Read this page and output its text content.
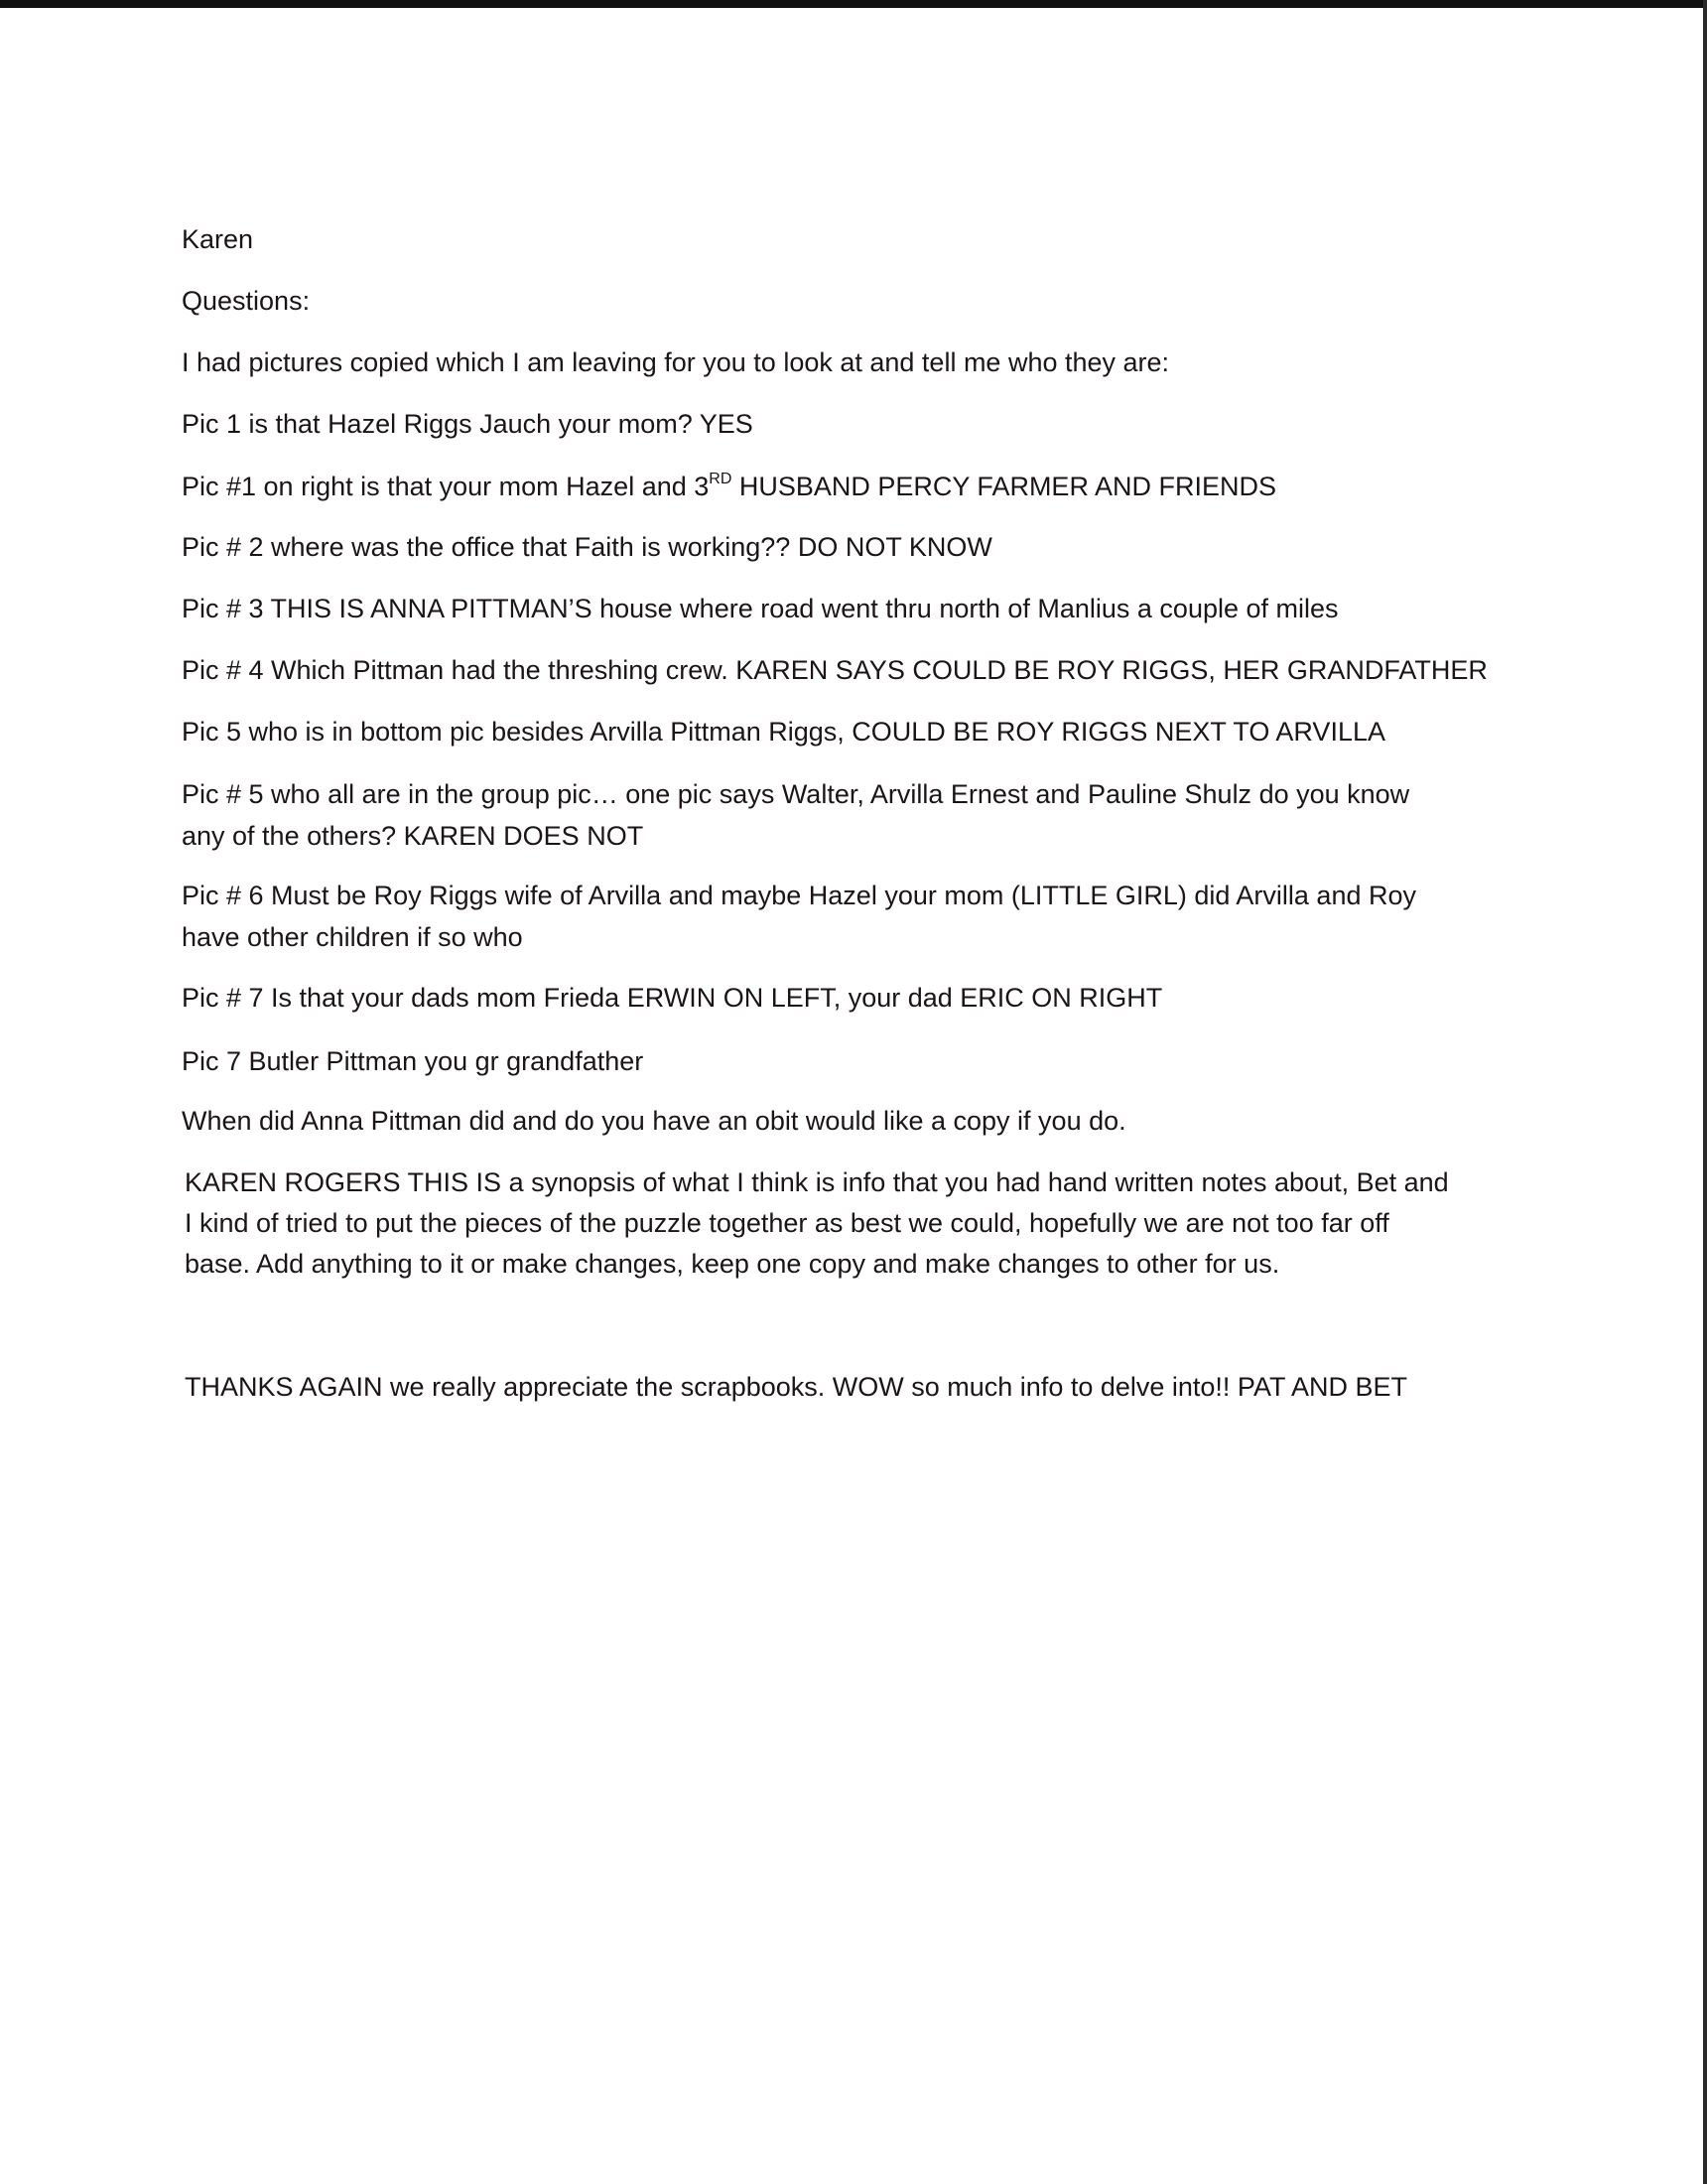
Karen
Questions:
I had pictures copied which I am leaving for you to look at and tell me who they are:
Pic 1 is that Hazel Riggs Jauch your mom? YES
Pic #1 on right is that your mom Hazel and 3RD HUSBAND PERCY FARMER AND FRIENDS
Pic # 2 where was the office that Faith is working?? DO NOT KNOW
Pic # 3 THIS IS ANNA PITTMAN’S house where road went thru north of Manlius a couple of miles
Pic # 4 Which Pittman had the threshing crew. KAREN SAYS COULD BE ROY RIGGS, HER GRANDFATHER
Pic 5 who is in bottom pic besides Arvilla Pittman Riggs, COULD BE ROY RIGGS NEXT TO ARVILLA
Pic # 5 who all are in the group pic… one pic says Walter, Arvilla Ernest and Pauline Shulz do you know
any of the others? KAREN DOES NOT
Pic # 6 Must be Roy Riggs wife of Arvilla and maybe Hazel your mom (LITTLE GIRL) did Arvilla and Roy
have other children if so who
Pic # 7 Is that your dads mom Frieda ERWIN ON LEFT, your dad ERIC ON RIGHT
Pic 7 Butler Pittman you gr grandfather
When did Anna Pittman did and do you have an obit would like a copy if you do.
KAREN ROGERS THIS IS a synopsis of what I think is info that you had hand written notes about, Bet and
I kind of tried to put the pieces of the puzzle together as best we could, hopefully we are not too far off
base. Add anything to it or make changes, keep one copy and make changes to other for us.
THANKS AGAIN we really appreciate the scrapbooks. WOW so much info to delve into!! PAT AND BET
